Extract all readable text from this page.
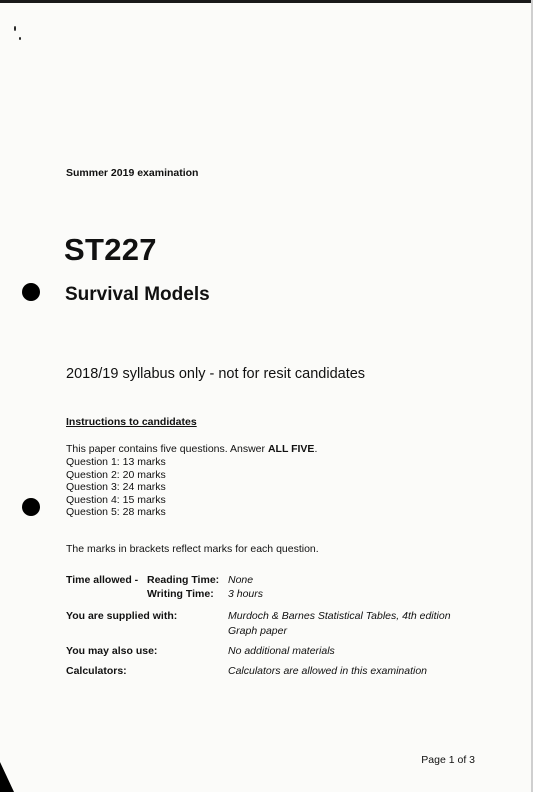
Summer 2019 examination
ST227
Survival Models
2018/19 syllabus only - not for resit candidates
Instructions to candidates
This paper contains five questions. Answer ALL FIVE.
Question 1: 13 marks
Question 2: 20 marks
Question 3: 24 marks
Question 4: 15 marks
Question 5: 28 marks
The marks in brackets reflect marks for each question.
Time allowed - Reading Time: None
Writing Time: 3 hours
You are supplied with:	Murdoch & Barnes Statistical Tables, 4th edition
Graph paper
You may also use:	No additional materials
Calculators:	Calculators are allowed in this examination
Page 1 of 3
